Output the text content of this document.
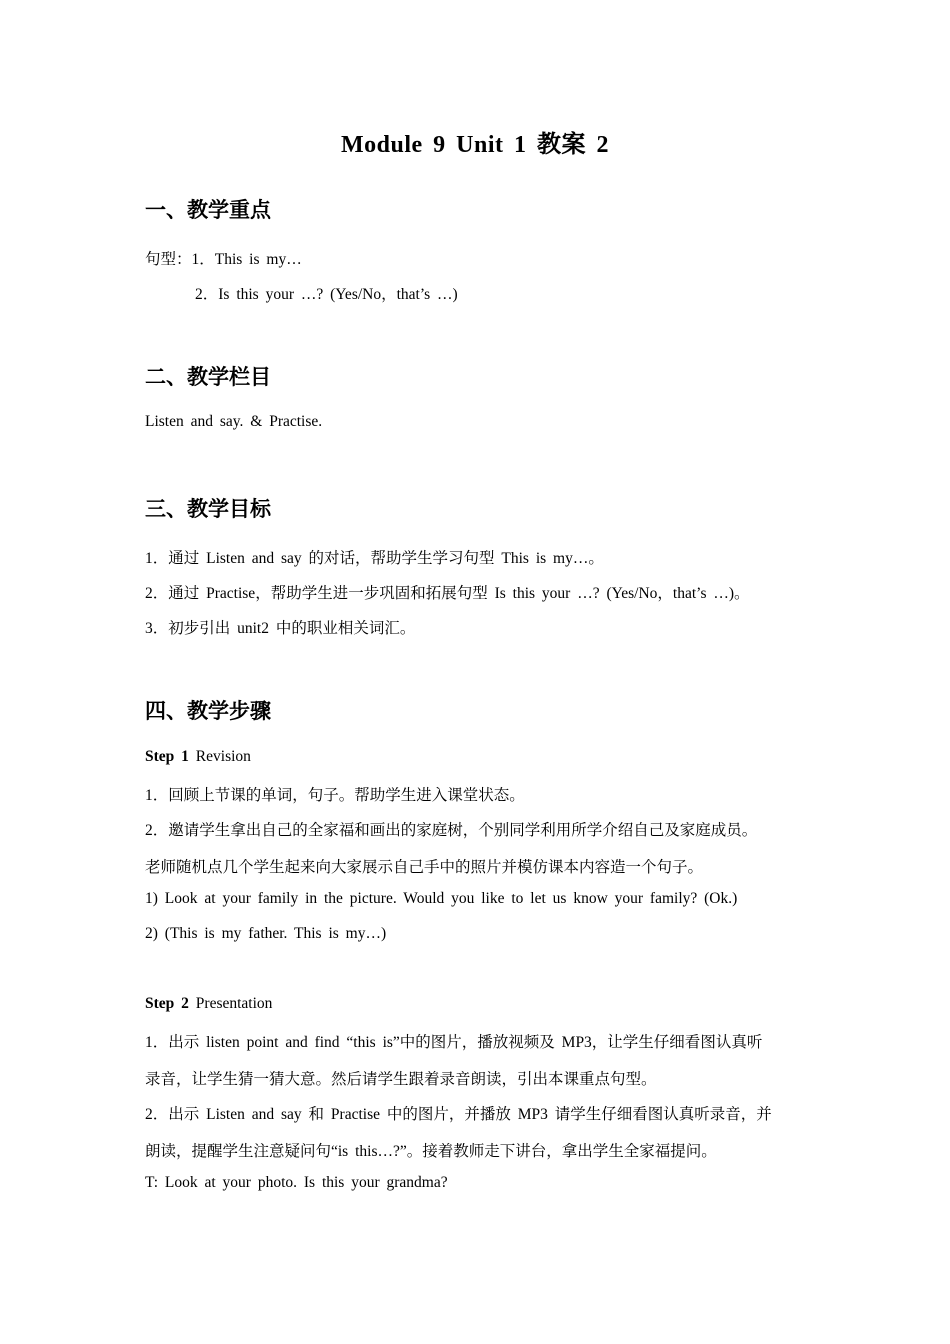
Module 9 Unit 1 教案 2
一、教学重点
句型：1．This is my…
2．Is this your …? (Yes/No，that’s …)
二、教学栏目
Listen and say. & Practise.
三、教学目标
1．通过 Listen and say 的对话，帮助学生学习句型 This is my…。
2．通过 Practise，帮助学生进一步巩固和拓展句型 Is this your …? (Yes/No，that’s …)。
3．初步引出 unit2 中的职业相关词汇。
四、教学步骤
Step 1 Revision
1．回顾上节课的单词，句子。帮助学生进入课堂状态。
2．邀请学生拿出自己的全家福和画出的家庭树，个别同学利用所学介绍自己及家庭成员。
老师随机点几个学生起来向大家展示自己手中的照片并模仿课本内容造一个句子。
1) Look at your family in the picture. Would you like to let us know your family? (Ok.)
2) (This is my father. This is my…)
Step 2 Presentation
1．出示 listen point and find “this is”中的图片，播放视频及 MP3，让学生仔细看图认真听
录音，让学生猜一猜大意。然后请学生跟着录音朗读，引出本课重点句型。
2．出示 Listen and say 和 Practise 中的图片，并播放 MP3 请学生仔细看图认真听录音，并
朗读，提醒学生注意疑问句“is this…?”。接着教师走下讲台，拿出学生全家福提问。
T: Look at your photo. Is this your grandma?
